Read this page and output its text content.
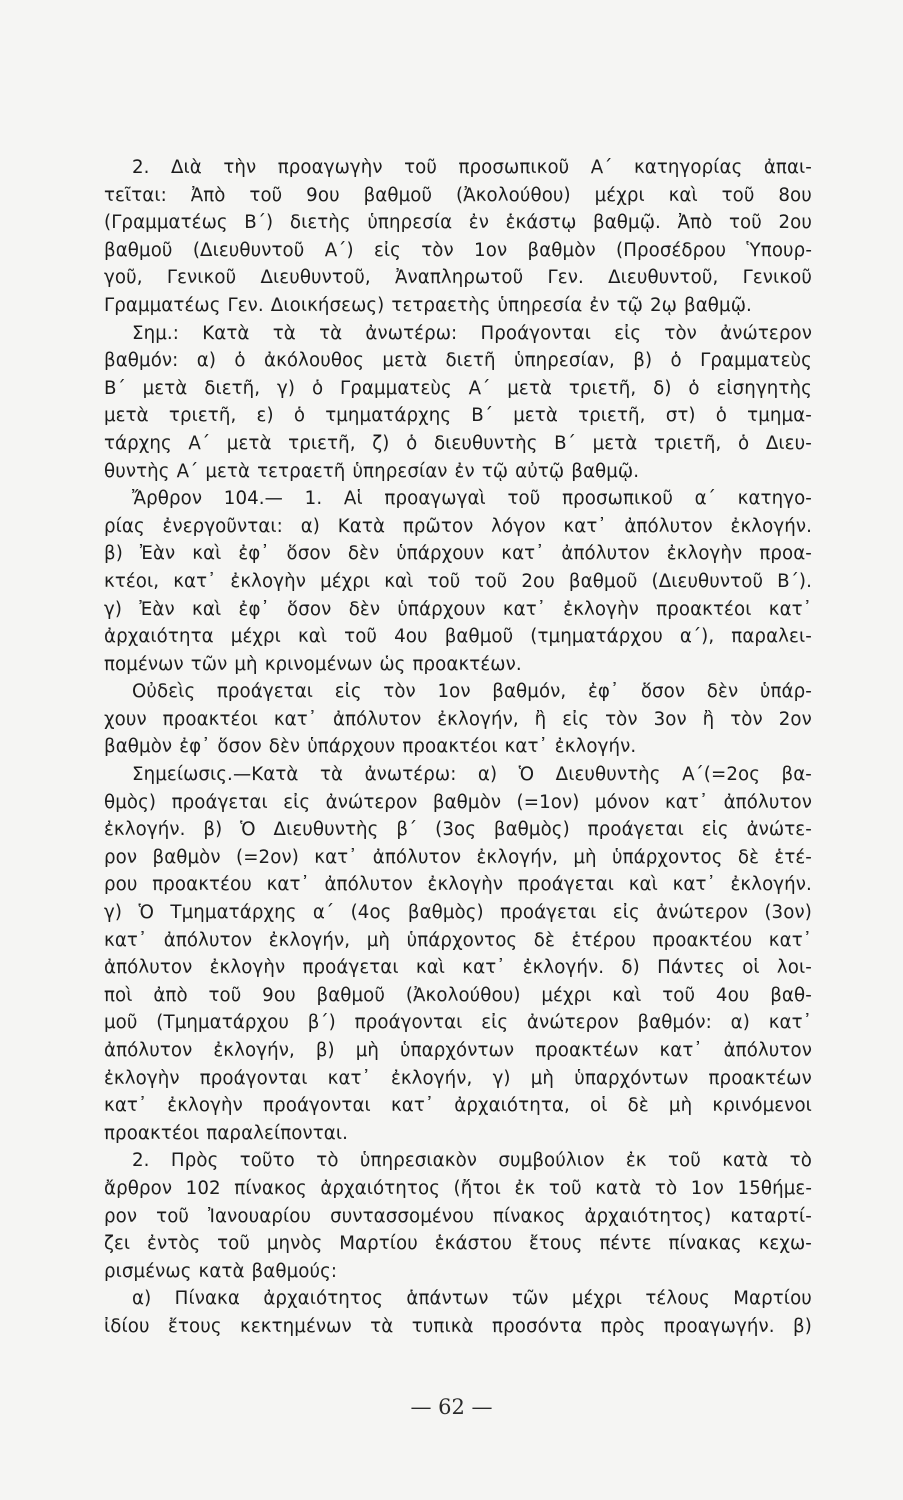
2. Διὰ τὴν προαγωγὴν τοῦ προσωπικοῦ Α΄ κατηγορίας ἀπαι-
τεῖται: Ἀπὸ τοῦ 9ου βαθμοῦ (Ἀκολούθου) μέχρι καὶ τοῦ 8ου
(Γραμματέως Β΄) διετὴς ὑπηρεσία ἐν ἑκάστῳ βαθμῷ. Ἀπὸ τοῦ 2ου
βαθμοῦ (Διευθυντοῦ Α΄) εἰς τὸν 1ον βαθμὸν (Προσέδρου Ὑπουρ-
γοῦ, Γενικοῦ Διευθυντοῦ, Ἀναπληρωτοῦ Γεν. Διευθυντοῦ, Γενικοῦ
Γραμματέως Γεν. Διοικήσεως) τετραετὴς ὑπηρεσία ἐν τῷ 2ῳ βαθμῷ.
Σημ.: Κατὰ τὰ τὰ ἀνωτέρω: Προάγονται εἰς τὸν ἀνώτερον
βαθμόν: α) ὁ ἀκόλουθος μετὰ διετῆ ὑπηρεσίαν, β) ὁ Γραμματεὺς
Β΄ μετὰ διετῆ, γ) ὁ Γραμματεὺς Α΄ μετὰ τριετῆ, δ) ὁ εἰσηγητὴς
μετὰ τριετῆ, ε) ὁ τμηματάρχης Β΄ μετὰ τριετῆ, στ) ὁ τμημα-
τάρχης Α΄ μετὰ τριετῆ, ζ) ὁ διευθυντὴς Β΄ μετὰ τριετῆ, ὁ Διευ-
θυντὴς Α΄ μετὰ τετραετῆ ὑπηρεσίαν ἐν τῷ αὐτῷ βαθμῷ.
Ἄρθρον 104.— 1. Αἱ προαγωγαὶ τοῦ προσωπικοῦ α΄ κατηγο-
ρίας ἐνεργοῦνται: α) Κατὰ πρῶτον λόγον κατ᾿ ἀπόλυτον ἐκλογήν.
β) Ἐὰν καὶ ἐφ᾿ ὅσον δὲν ὑπάρχουν κατ᾿ ἀπόλυτον ἐκλογὴν προα-
κτέοι, κατ᾿ ἐκλογὴν μέχρι καὶ τοῦ τοῦ 2ου βαθμοῦ (Διευθυντοῦ Β΄).
γ) Ἐὰν καὶ ἐφ᾿ ὅσον δὲν ὑπάρχουν κατ᾿ ἐκλογὴν προακτέοι κατ᾿
ἀρχαιότητα μέχρι καὶ τοῦ 4ου βαθμοῦ (τμηματάρχου α΄), παραλει-
πομένων τῶν μὴ κρινομένων ὡς προακτέων.
Οὐδεὶς προάγεται εἰς τὸν 1ον βαθμόν, ἐφ᾿ ὅσον δὲν ὑπάρ-
χουν προακτέοι κατ᾿ ἀπόλυτον ἐκλογήν, ἢ εἰς τὸν 3ον ἢ τὸν 2ον
βαθμὸν ἐφ᾿ ὅσον δὲν ὑπάρχουν προακτέοι κατ᾿ ἐκλογήν.
Σημείωσις.—Κατὰ τὰ ἀνωτέρω: α) Ὁ Διευθυντὴς Α΄(=2ος βα-
θμὸς) προάγεται εἰς ἀνώτερον βαθμὸν (=1ον) μόνον κατ᾿ ἀπόλυτον
ἐκλογήν. β) Ὁ Διευθυντὴς β΄ (3ος βαθμὸς) προάγεται εἰς ἀνώτε-
ρον βαθμὸν (=2ον) κατ᾿ ἀπόλυτον ἐκλογήν, μὴ ὑπάρχοντος δὲ ἑτέ-
ρου προακτέου κατ᾿ ἀπόλυτον ἐκλογὴν προάγεται καὶ κατ᾿ ἐκλογήν.
γ) Ὁ Τμηματάρχης α΄ (4ος βαθμὸς) προάγεται εἰς ἀνώτερον (3ον)
κατ᾿ ἀπόλυτον ἐκλογήν, μὴ ὑπάρχοντος δὲ ἑτέρου προακτέου κατ᾿
ἀπόλυτον ἐκλογὴν προάγεται καὶ κατ᾿ ἐκλογήν. δ) Πάντες οἱ λοι-
ποὶ ἀπὸ τοῦ 9ου βαθμοῦ (Ἀκολούθου) μέχρι καὶ τοῦ 4ου βαθ-
μοῦ (Τμηματάρχου β΄) προάγονται εἰς ἀνώτερον βαθμόν: α) κατ᾿
ἀπόλυτον ἐκλογήν, β) μὴ ὑπαρχόντων προακτέων κατ᾿ ἀπόλυτον
ἐκλογὴν προάγονται κατ᾿ ἐκλογήν, γ) μὴ ὑπαρχόντων προακτέων
κατ᾿ ἐκλογὴν προάγονται κατ᾿ ἀρχαιότητα, οἱ δὲ μὴ κρινόμενοι
προακτέοι παραλείπονται.
2. Πρὸς τοῦτο τὸ ὑπηρεσιακὸν συμβούλιον ἐκ τοῦ κατὰ τὸ
ἄρθρον 102 πίνακος ἀρχαιότητος (ἤτοι ἐκ τοῦ κατὰ τὸ 1ον 15θήμε-
ρον τοῦ Ἰανουαρίου συντασσομένου πίνακος ἀρχαιότητος) καταρτί-
ζει ἐντὸς τοῦ μηνὸς Μαρτίου ἑκάστου ἔτους πέντε πίνακας κεχω-
ρισμένως κατὰ βαθμούς:
α) Πίνακα ἀρχαιότητος ἁπάντων τῶν μέχρι τέλους Μαρτίου
ἰδίου ἔτους κεκτημένων τὰ τυπικὰ προσόντα πρὸς προαγωγήν. β)
— 62 —
